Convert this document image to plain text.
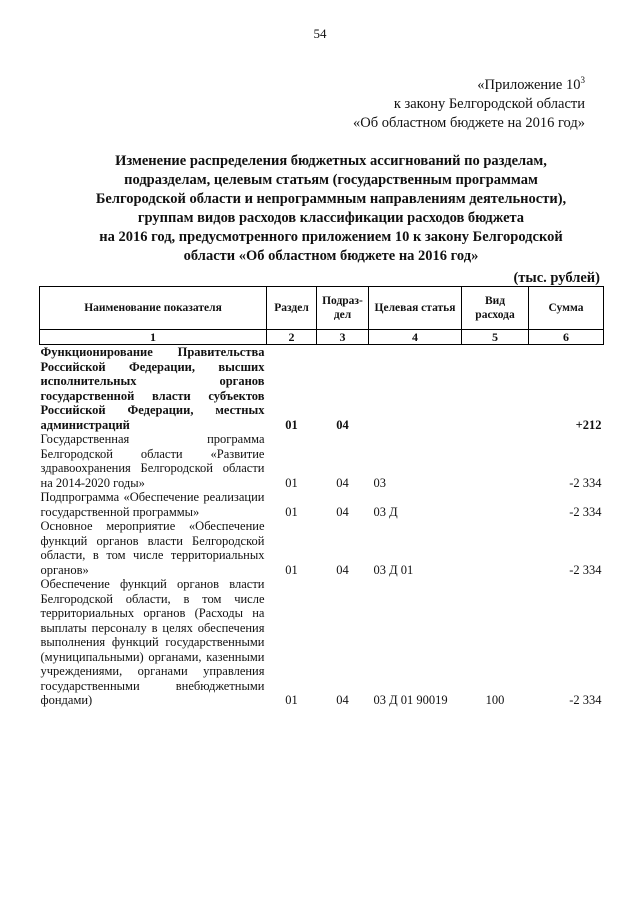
54
«Приложение $10^3$
к закону Белгородской области
«Об областном бюджете на 2016 год»
Изменение распределения бюджетных ассигнований по разделам,
подразделам, целевым статьям (государственным программам
Белгородской области и непрограммным направлениям деятельности),
группам видов расходов классификации расходов бюджета
на 2016 год, предусмотренного приложением 10 к закону Белгородской
области «Об областном бюджете на 2016 год»
(тыс. рублей)
Наименование показателя	Раздел	Подраз-дел	Целевая статья	Вид расхода	Сумма
1	2	3	4	5	6
Функционирование Правительства Российской Федерации, высших исполнительных органов государственной власти субъектов Российской Федерации, местных администраций	01	04			+212
Государственная программа Белгородской области «Развитие здравоохранения Белгородской области на 2014-2020 годы»	01	04	03		-2 334
Подпрограмма «Обеспечение реализации государственной программы»	01	04	03 Д		-2 334
Основное мероприятие «Обеспечение функций органов власти Белгородской области, в том числе территориальных органов»	01	04	03 Д 01		-2 334
Обеспечение функций органов власти Белгородской области, в том числе территориальных органов (Расходы на выплаты персоналу в целях обеспечения выполнения функций государственными (муниципальными) органами, казенными учреждениями, органами управления государственными внебюджетными фондами)	01	04	03 Д 01 90019	100	-2 334
